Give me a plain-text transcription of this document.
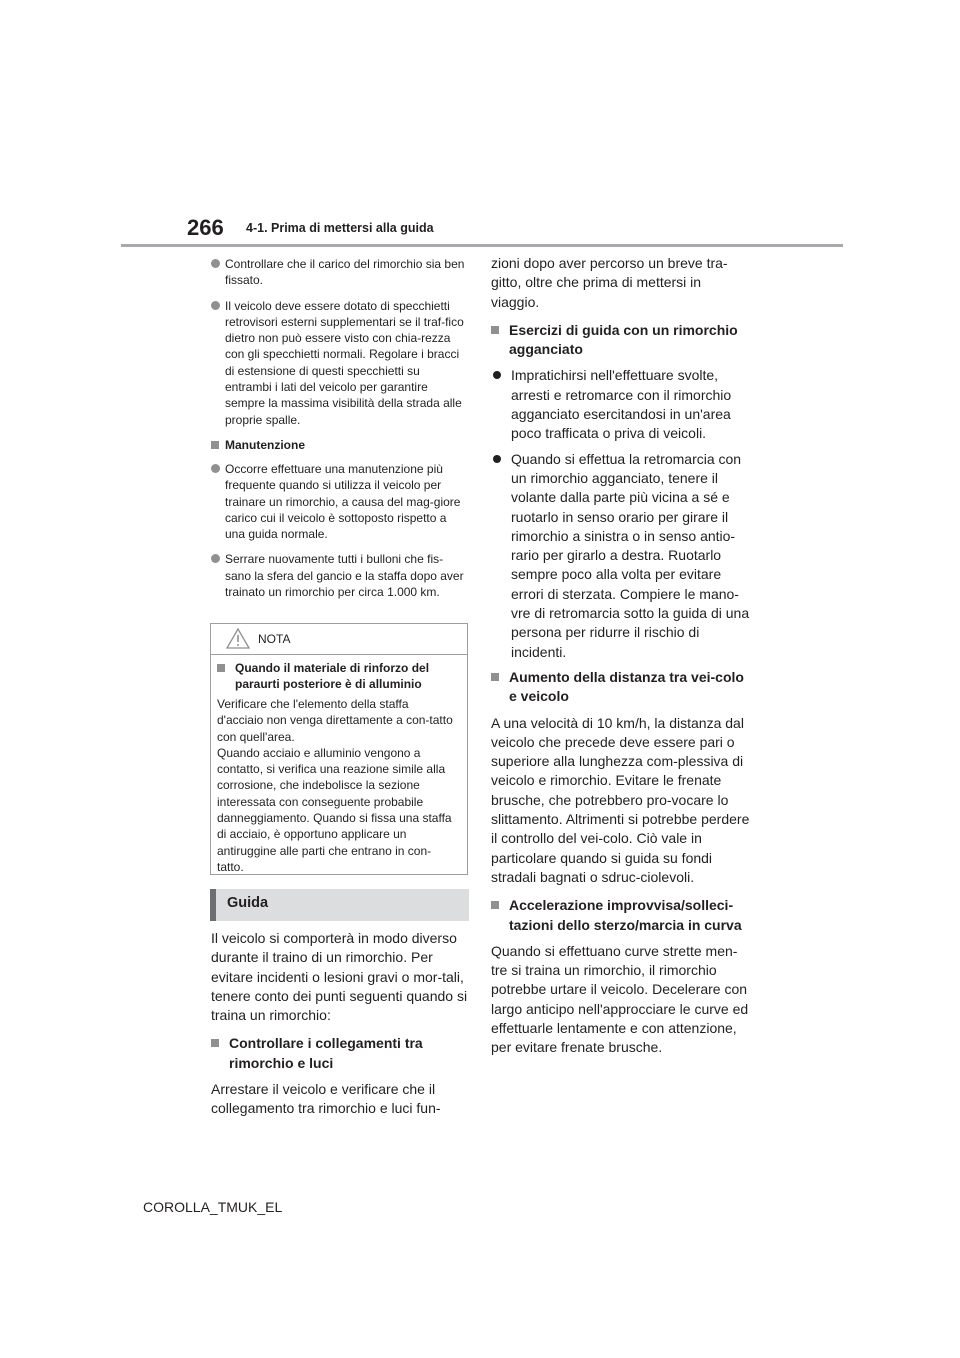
266 4-1. Prima di mettersi alla guida
Controllare che il carico del rimorchio sia ben fissato.
Il veicolo deve essere dotato di specchietti retrovisori esterni supplementari se il traf-fico dietro non può essere visto con chia-rezza con gli specchietti normali. Regolare i bracci di estensione di questi specchietti su entrambi i lati del veicolo per garantire sempre la massima visibilità della strada alle proprie spalle.
Manutenzione
Occorre effettuare una manutenzione più frequente quando si utilizza il veicolo per trainare un rimorchio, a causa del mag-giore carico cui il veicolo è sottoposto rispetto a una guida normale.
Serrare nuovamente tutti i bulloni che fis-sano la sfera del gancio e la staffa dopo aver trainato un rimorchio per circa 1.000 km.
NOTA
Quando il materiale di rinforzo del paraurti posteriore è di alluminio
Verificare che l'elemento della staffa d'acciaio non venga direttamente a con-tatto con quell'area.
Quando acciaio e alluminio vengono a contatto, si verifica una reazione simile alla corrosione, che indebolisce la sezione interessata con conseguente probabile danneggiamento. Quando si fissa una staffa di acciaio, è opportuno applicare un antiruggine alle parti che entrano in con-tatto.
Guida

Il veicolo si comporterà in modo diverso durante il traino di un rimorchio. Per evitare incidenti o lesioni gravi o mor-tali, tenere conto dei punti seguenti quando si traina un rimorchio:

Controllare i collegamenti tra rimorchio e luci

Arrestare il veicolo e verificare che il collegamento tra rimorchio e luci fun-

zioni dopo aver percorso un breve tra-gitto, oltre che prima di mettersi in viaggio.

Esercizi di guida con un rimorchio agganciato
Impratichirsi nell'effettuare svolte, arresti e retromarce con il rimorchio agganciato esercitandosi in un'area poco trafficata o priva di veicoli.
Quando si effettua la retromarcia con un rimorchio agganciato, tenere il volante dalla parte più vicina a sé e ruotarlo in senso orario per girare il rimorchio a sinistra o in senso antio-rario per girarlo a destra. Ruotarlo sempre poco alla volta per evitare errori di sterzata. Compiere le mano-vre di retromarcia sotto la guida di una persona per ridurre il rischio di incidenti.
Aumento della distanza tra vei-colo e veicolo

A una velocità di 10 km/h, la distanza dal veicolo che precede deve essere pari o superiore alla lunghezza com-plessiva di veicolo e rimorchio. Evitare le frenate brusche, che potrebbero pro-vocare lo slittamento. Altrimenti si potrebbe perdere il controllo del vei-colo. Ciò vale in particolare quando si guida su fondi stradali bagnati o sdruc-ciolevoli.

Accelerazione improvvisa/solleci-tazioni dello sterzo/marcia in curva

Quando si effettuano curve strette men-tre si traina un rimorchio, il rimorchio potrebbe urtare il veicolo. Decelerare con largo anticipo nell'approcciare le curve ed effettuarle lentamente e con attenzione, per evitare frenate brusche.

COROLLA_TMUK_EL
